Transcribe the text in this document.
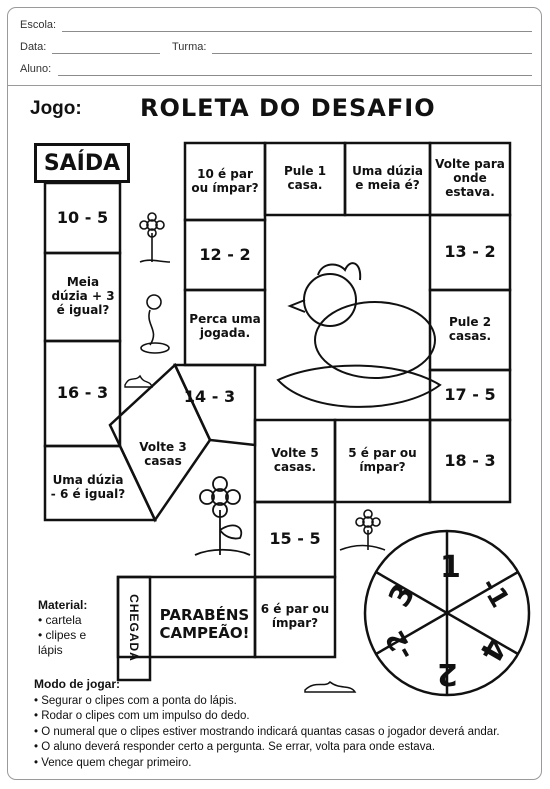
Escola:
Data:	Turma:
Aluno:
Jogo: ROLETA DO DESAFIO
SAÍDA
10 - 5
Meia dúzia + 3 é igual?
16 - 3
Uma dúzia - 6 é igual?
Volte 3 casas
14 - 3
Perca uma jogada.
12 - 2
10 é par ou ímpar?
Pule 1 casa.
Uma dúzia e meia é?
Volte para onde estava.
13 - 2
Pule 2 casas.
17 - 5
18 - 3
5 é par ou ímpar?
Volte 5 casas.
15 - 5
6 é par ou ímpar?
CHEGADA	PARABÉNS CAMPEÃO!
1
-1
4
2
-2
3
Material:
• cartela
• clipes e lápis
Modo de jogar:
• Segurar o clipes com a ponta do lápis.
• Rodar o clipes com um impulso do dedo.
• O numeral que o clipes estiver mostrando indicará quantas casas o jogador deverá andar.
• O aluno deverá responder certo a pergunta. Se errar, volta para onde estava.
• Vence quem chegar primeiro.
